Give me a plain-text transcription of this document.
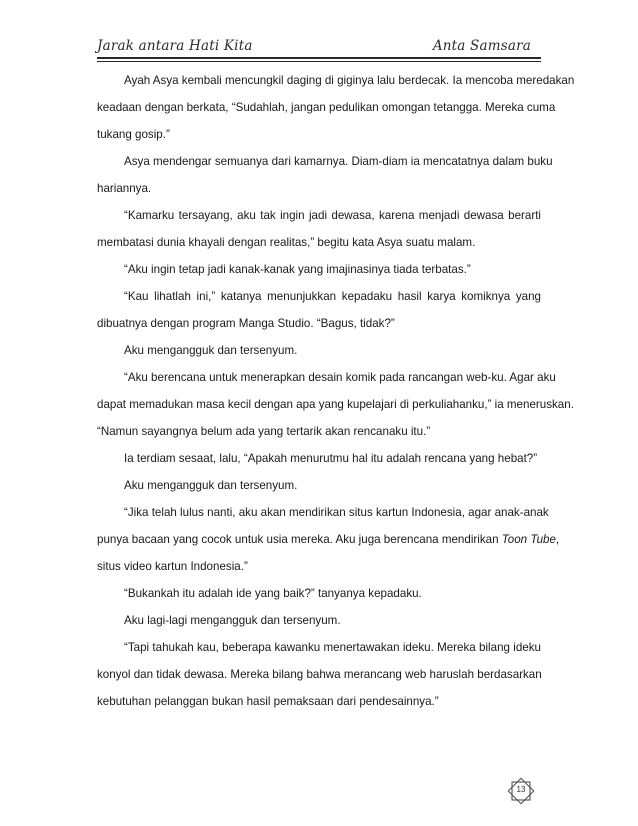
Jarak antara Hati Kita	Anta Samsara
Ayah Asya kembali mencungkil daging di giginya lalu berdecak. Ia mencoba meredakan
keadaan dengan berkata, “Sudahlah, jangan pedulikan omongan tetangga. Mereka cuma
tukang gosip.”
Asya mendengar semuanya dari kamarnya. Diam-diam ia mencatatnya dalam buku
hariannya.
“Kamarku tersayang, aku tak ingin jadi dewasa, karena menjadi dewasa berarti
membatasi dunia khayali dengan realitas,” begitu kata Asya suatu malam.
“Aku ingin tetap jadi kanak-kanak yang imajinasinya tiada terbatas.”
“Kau lihatlah ini,” katanya menunjukkan kepadaku hasil karya komiknya yang
dibuatnya dengan program Manga Studio. “Bagus, tidak?”
Aku mengangguk dan tersenyum.
“Aku berencana untuk menerapkan desain komik pada rancangan web-ku. Agar aku
dapat memadukan masa kecil dengan apa yang kupelajari di perkuliahanku,” ia meneruskan.
“Namun sayangnya belum ada yang tertarik akan rencanaku itu.”
Ia terdiam sesaat, lalu, “Apakah menurutmu hal itu adalah rencana yang hebat?”
Aku mengangguk dan tersenyum.
“Jika telah lulus nanti, aku akan mendirikan situs kartun Indonesia, agar anak-anak
punya bacaan yang cocok untuk usia mereka. Aku juga berencana mendirikan Toon Tube,
situs video kartun Indonesia.”
“Bukankah itu adalah ide yang baik?” tanyanya kepadaku.
Aku lagi-lagi mengangguk dan tersenyum.
“Tapi tahukah kau, beberapa kawanku menertawakan ideku. Mereka bilang ideku
konyol dan tidak dewasa. Mereka bilang bahwa merancang web haruslah berdasarkan
kebutuhan pelanggan bukan hasil pemaksaan dari pendesainnya.”
13
